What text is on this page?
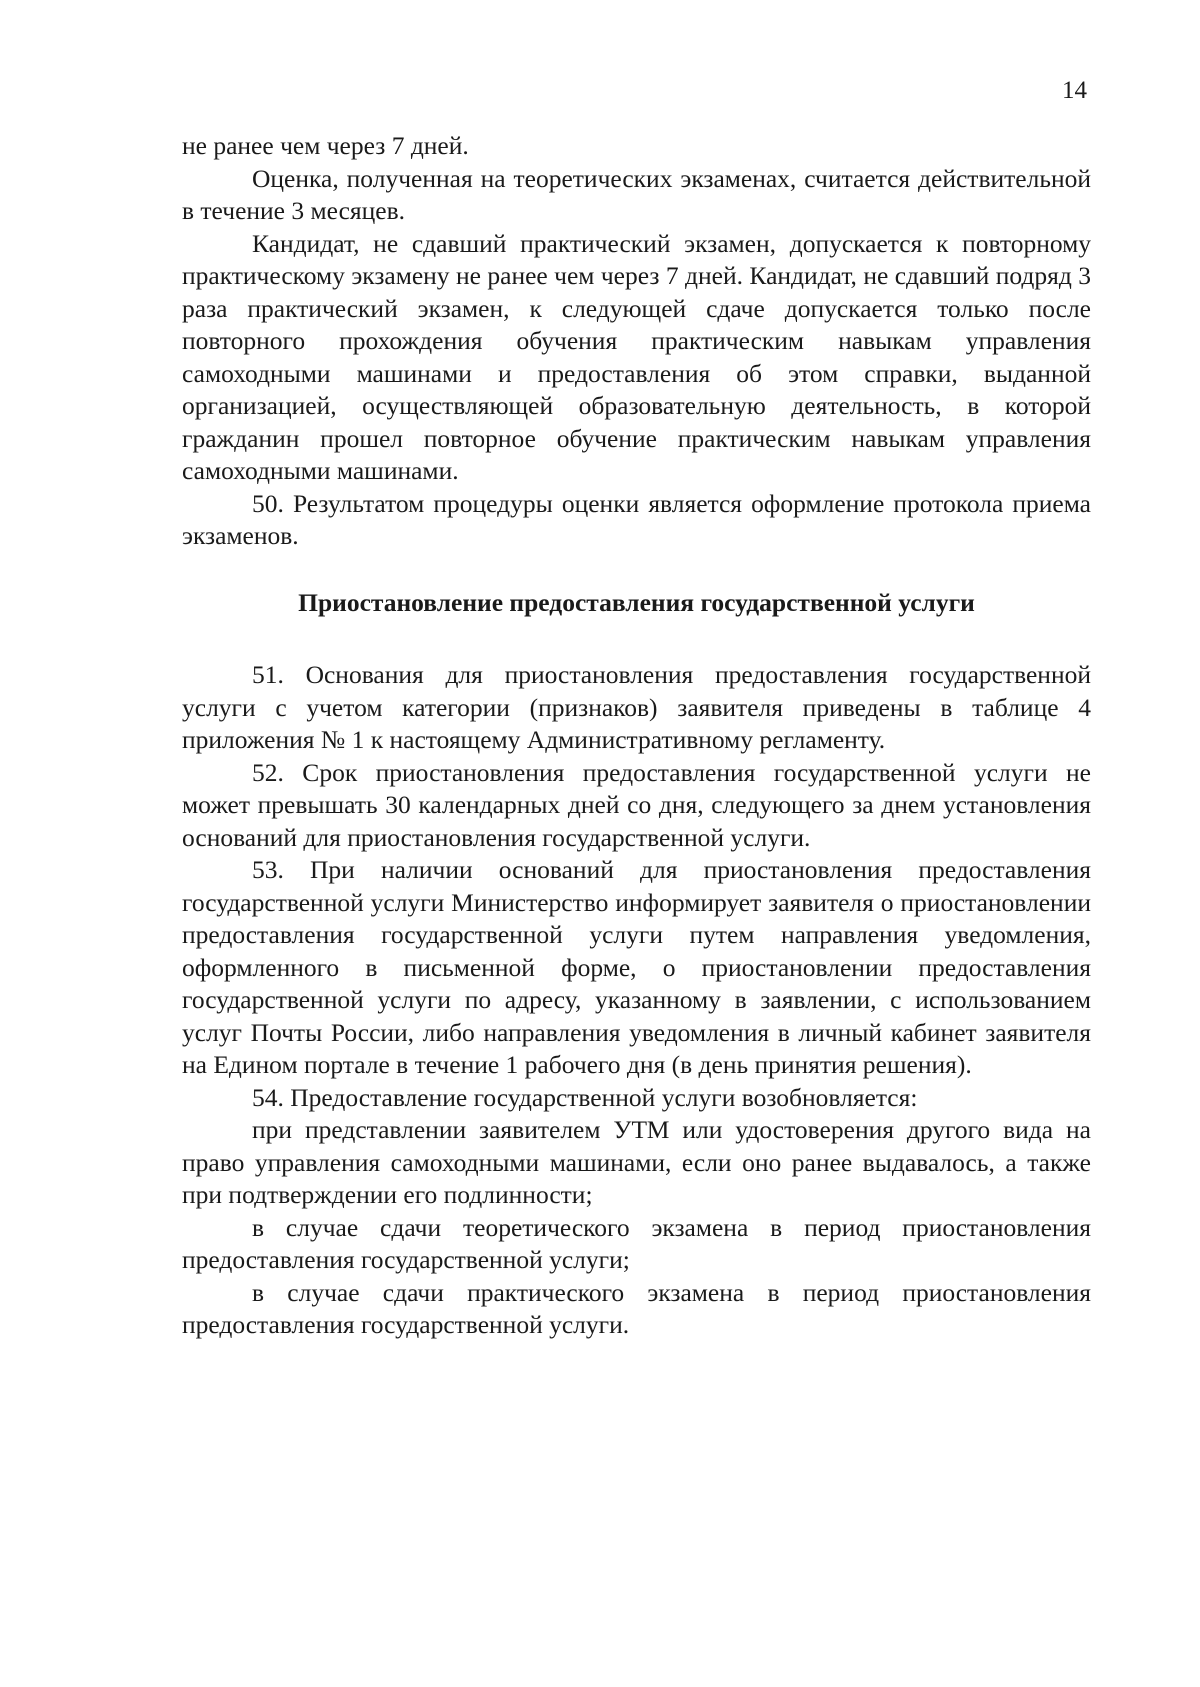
14

не ранее чем через 7 дней.

Оценка, полученная на теоретических экзаменах, считается действительной в течение 3 месяцев.

Кандидат, не сдавший практический экзамен, допускается к повторному практическому экзамену не ранее чем через 7 дней. Кандидат, не сдавший подряд 3 раза практический экзамен, к следующей сдаче допускается только после повторного прохождения обучения практическим навыкам управления самоходными машинами и предоставления об этом справки, выданной организацией, осуществляющей образовательную деятельность, в которой гражданин прошел повторное обучение практическим навыкам управления самоходными машинами.

50. Результатом процедуры оценки является оформление протокола приема экзаменов.

Приостановление предоставления государственной услуги

51. Основания для приостановления предоставления государственной услуги с учетом категории (признаков) заявителя приведены в таблице 4 приложения № 1 к настоящему Административному регламенту.

52. Срок приостановления предоставления государственной услуги не может превышать 30 календарных дней со дня, следующего за днем установления оснований для приостановления государственной услуги.

53. При наличии оснований для приостановления предоставления государственной услуги Министерство информирует заявителя о приостановлении предоставления государственной услуги путем направления уведомления, оформленного в письменной форме, о приостановлении предоставления государственной услуги по адресу, указанному в заявлении, с использованием услуг Почты России, либо направления уведомления в личный кабинет заявителя на Едином портале в течение 1 рабочего дня (в день принятия решения).

54. Предоставление государственной услуги возобновляется:

при представлении заявителем УТМ или удостоверения другого вида на право управления самоходными машинами, если оно ранее выдавалось, а также при подтверждении его подлинности;

в случае сдачи теоретического экзамена в период приостановления предоставления государственной услуги;

в случае сдачи практического экзамена в период приостановления предоставления государственной услуги.
